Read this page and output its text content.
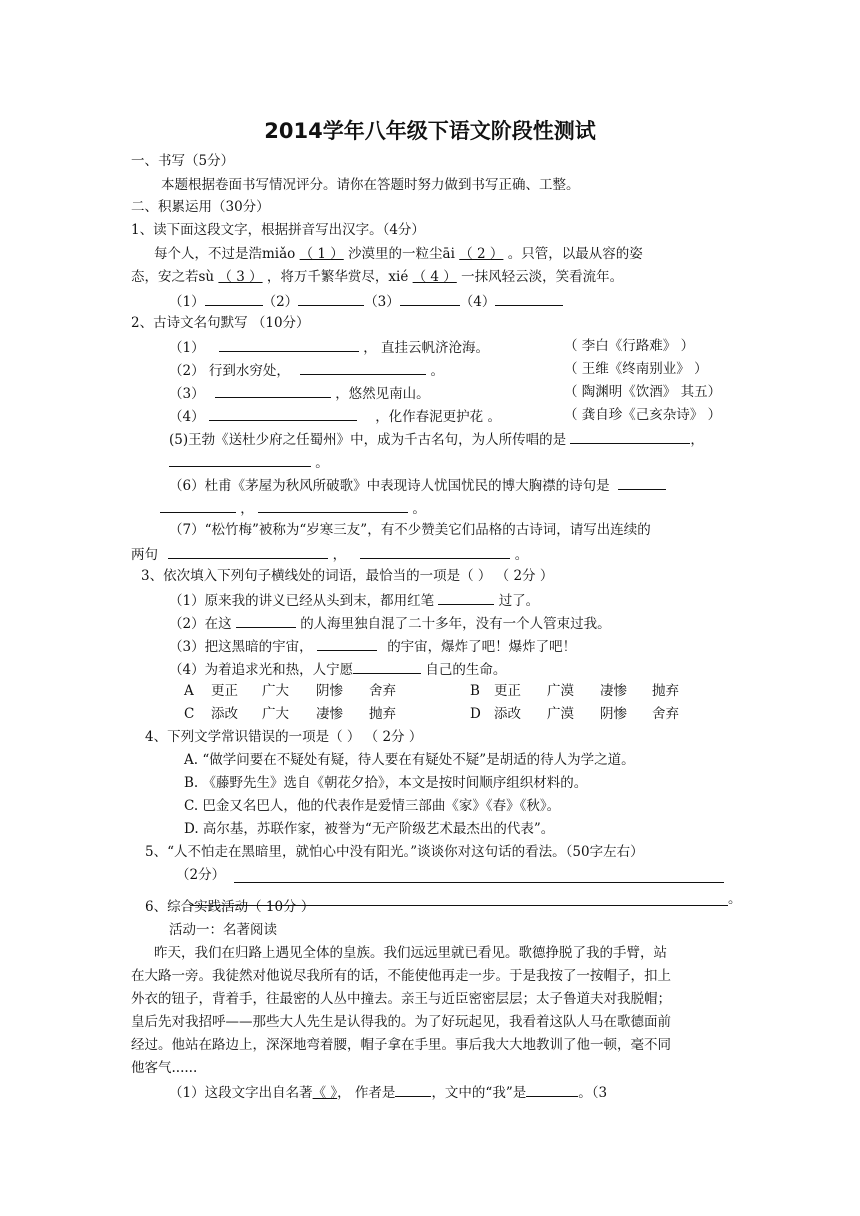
2014学年八年级下语文阶段性测试
一、书写（5分）
本题根据卷面书写情况评分。请你在答题时努力做到书写正确、工整。
二、积累运用（30分）
1、读下面这段文字，根据拼音写出汉字。（4分）
每个人，不过是浩miǎo （ 1 ） 沙漠里的一粒尘āi （ 2 ） 。只管，以最从容的姿
态，安之若sù （ 3 ） ，将万千繁华赏尽，xié （ 4 ） 一抹风轻云淡，笑看流年。
（1）	（2）	（3）	（4）
2、古诗文名句默写 （10分）
（1）	， 直挂云帆济沧海。	（ 李白《行路难》 ）
（2） 行到水穷处，	。	（ 王维《终南别业》 ）
（3）	，悠然见南山。	（ 陶渊明《饮酒》 其五）
（4）	，化作春泥更护花 。	（ 龚自珍《己亥杂诗》 ）
(5)王勃《送杜少府之任蜀州》中，成为千古名句，为人所传唱的是	，
。
（6）杜甫《茅屋为秋风所破歌》中表现诗人忧国忧民的博大胸襟的诗句是
，	。
（7）“松竹梅”被称为“岁寒三友”，有不少赞美它们品格的古诗词，请写出连续的
两句	，	。
3、依次填入下列句子横线处的词语，最恰当的一项是（ ） （ 2分 ）
（1）原来我的讲义已经从头到末，都用红笔	过了。
（2）在这	的人海里独自混了二十多年，没有一个人管束过我。
（3）把这黑暗的宇宙，	的宇宙，爆炸了吧！爆炸了吧！
（4）为着追求光和热，人宁愿	自己的生命。
A 更正 广大 阴惨 舍弃	B 更正 广漠 凄惨 抛弃
C 添改 广大 凄惨 抛弃	D 添改 广漠 阴惨 舍弃
4、下列文学常识错误的一项是（ ） （ 2分 ）
A. “做学问要在不疑处有疑，待人要在有疑处不疑”是胡适的待人为学之道。
B. 《藤野先生》选自《朝花夕拾》，本文是按时间顺序组织材料的。
C. 巴金又名巴人，他的代表作是爱情三部曲《家》《春》《秋》。
D. 高尔基，苏联作家，被誉为“无产阶级艺术最杰出的代表”。
5、“人不怕走在黑暗里，就怕心中没有阳光。”谈谈你对这句话的看法。（50字左右）
（2分）
。
6、综合实践活动（ 10分 ）
活动一：名著阅读
昨天，我们在归路上遇见全体的皇族。我们远远里就已看见。歌德挣脱了我的手臂，站
在大路一旁。我徒然对他说尽我所有的话，不能使他再走一步。于是我按了一按帽子，扣上
外衣的钮子，背着手，往最密的人丛中撞去。亲王与近臣密密层层；太子鲁道夫对我脱帽；
皇后先对我招呼——那些大人先生是认得我的。为了好玩起见，我看着这队人马在歌德面前
经过。他站在路边上，深深地弯着腰，帽子拿在手里。事后我大大地教训了他一顿，毫不同
他客气......
（1）这段文字出自名著《 》， 作者是	，文中的“我”是	。（3
